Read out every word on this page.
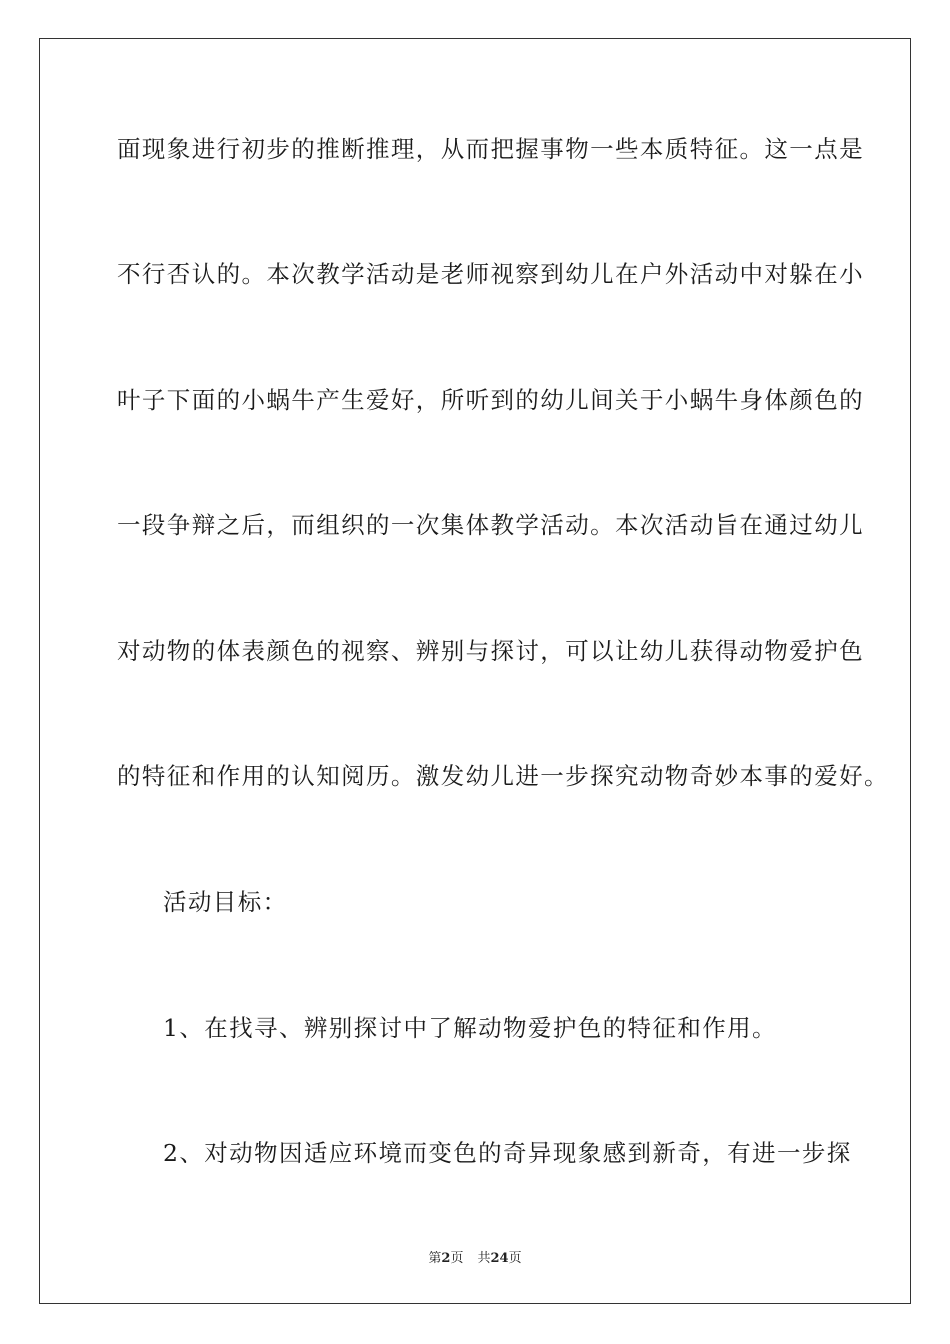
面现象进行初步的推断推理，从而把握事物一些本质特征。这一点是
不行否认的。本次教学活动是老师视察到幼儿在户外活动中对躲在小
叶子下面的小蜗牛产生爱好，所听到的幼儿间关于小蜗牛身体颜色的
一段争辩之后，而组织的一次集体教学活动。本次活动旨在通过幼儿
对动物的体表颜色的视察、辨别与探讨，可以让幼儿获得动物爱护色
的特征和作用的认知阅历。激发幼儿进一步探究动物奇妙本事的爱好。
活动目标：
1、在找寻、辨别探讨中了解动物爱护色的特征和作用。
2、对动物因适应环境而变色的奇异现象感到新奇，有进一步探
第2页 共24页
